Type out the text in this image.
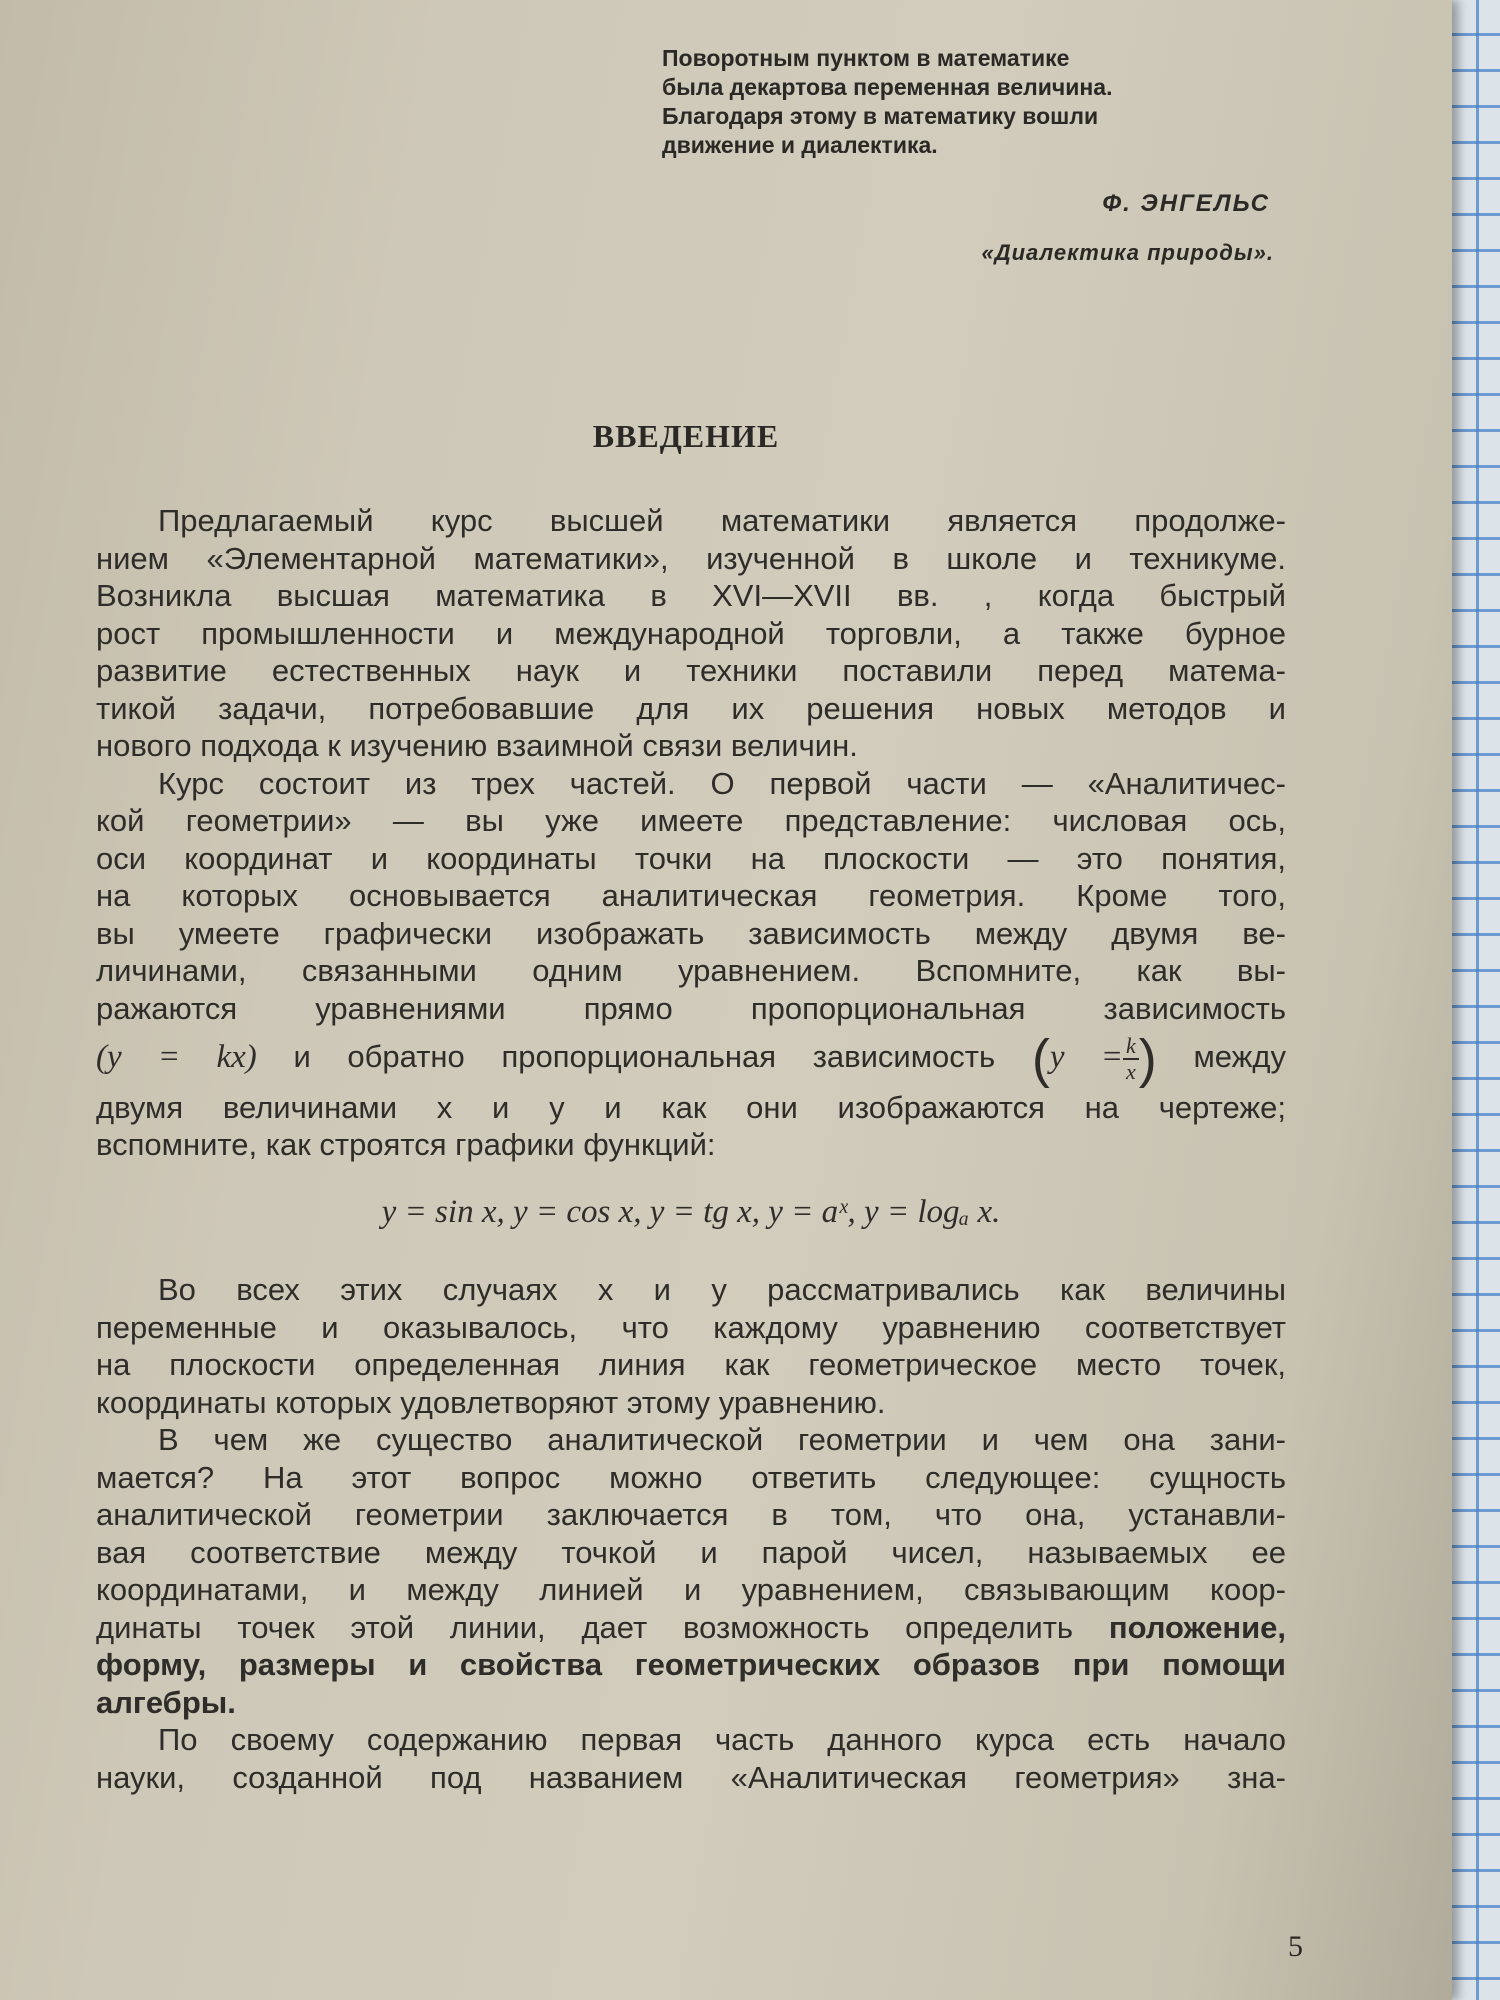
Поворотным пунктом в математике
была декартова переменная величина.
Благодаря этому в математику вошли
движение и диалектика.
Ф. ЭНГЕЛЬС
«Диалектика природы».
ВВЕДЕНИЕ
Предлагаемый курс высшей математики является продолже-
нием «Элементарной математики», изученной в школе и техникуме.
Возникла высшая математика в XVI—XVII вв. , когда быстрый
рост промышленности и международной торговли, а также бурное
развитие естественных наук и техники поставили перед матема-
тикой задачи, потребовавшие для их решения новых методов и
нового подхода к изучению взаимной связи величин.
Курс состоит из трех частей. О первой части — «Аналитичес-
кой геометрии» — вы уже имеете представление: числовая ось,
оси координат и координаты точки на плоскости — это понятия,
на которых основывается аналитическая геометрия. Кроме того,
вы умеете графически изображать зависимость между двумя ве-
личинами, связанными одним уравнением. Вспомните, как вы-
ражаются уравнениями прямо пропорциональная зависимость
(y = kx) и обратно пропорциональная зависимость ($y = \frac{k}{x}$ ) между
двумя величинами x и y и как они изображаются на чертеже;
вспомните, как строятся графики функций:
y = sin x, y = cos x, y = tg x, y = aˣ, y = logₐ x.
Во всех этих случаях x и y рассматривались как величины
переменные и оказывалось, что каждому уравнению соответствует
на плоскости определенная линия как геометрическое место точек,
координаты которых удовлетворяют этому уравнению.
В чем же существо аналитической геометрии и чем она зани-
мается? На этот вопрос можно ответить следующее: сущность
аналитической геометрии заключается в том, что она, устанавли-
вая соответствие между точкой и парой чисел, называемых ее
координатами, и между линией и уравнением, связывающим коор-
динаты точек этой линии, дает возможность определить положение,
форму, размеры и свойства геометрических образов при помощи
алгебры.
По своему содержанию первая часть данного курса есть начало
науки, созданной под названием «Аналитическая геометрия» зна-
5
